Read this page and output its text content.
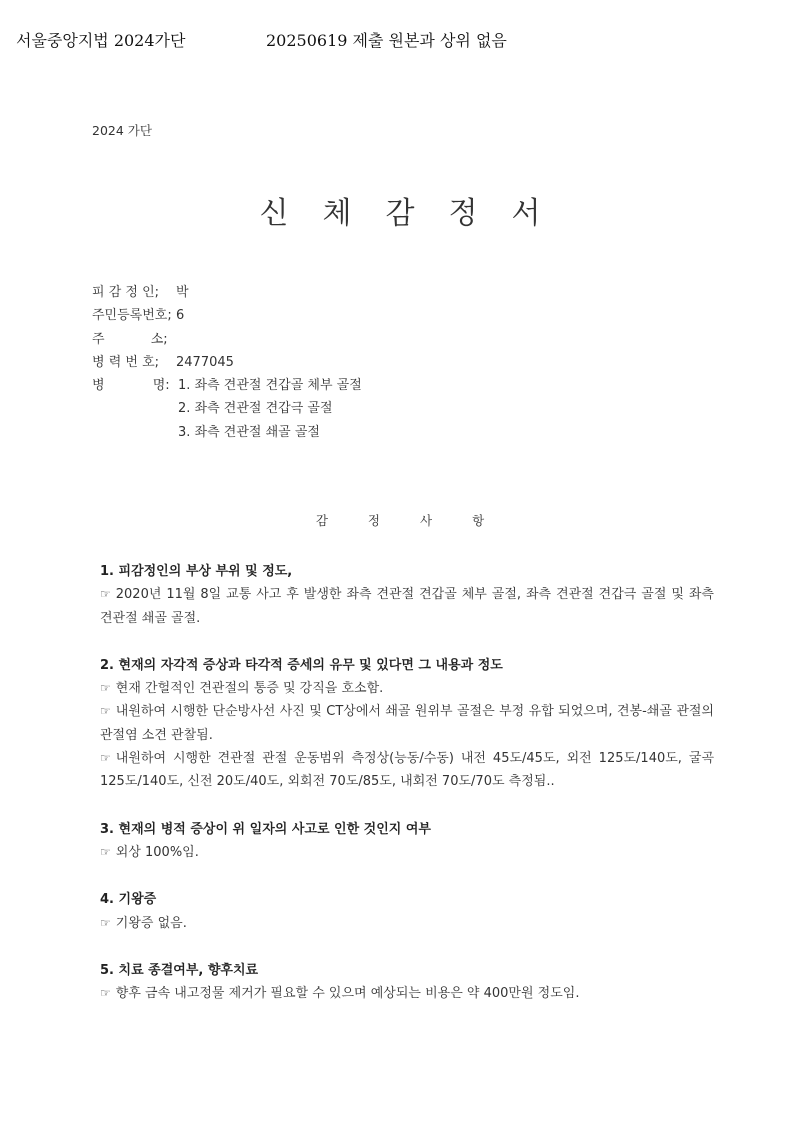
서울중앙지법 2024가단	20250619 제출 원본과 상위 없음
2024 가단
신체감정서
피 감 정 인; 박
주민등록번호; 6
주 소;
병 력 번 호; 2477045
병 명: 1. 좌측 견관절 견갑골 체부 골절
2. 좌측 견관절 견갑극 골절
3. 좌측 견관절 쇄골 골절
감정사항
1. 피감정인의 부상 부위 및 정도,
☞ 2020년 11월 8일 교통 사고 후 발생한 좌측 견관절 견갑골 체부 골절, 좌측 견관절 견갑극 골절 및 좌측 견관절 쇄골 골절.
2. 현재의 자각적 증상과 타각적 증세의 유무 및 있다면 그 내용과 정도
☞ 현재 간헐적인 견관절의 통증 및 강직을 호소함.
☞ 내원하여 시행한 단순방사선 사진 및 CT상에서 쇄골 원위부 골절은 부정 유합 되었으며, 견봉-쇄골 관절의 관절염 소견 관찰됨.
☞ 내원하여 시행한 견관절 관절 운동범위 측정상(능동/수동) 내전 45도/45도, 외전 125도/140도, 굴곡 125도/140도, 신전 20도/40도, 외회전 70도/85도, 내회전 70도/70도 측정됨..
3. 현재의 병적 증상이 위 일자의 사고로 인한 것인지 여부
☞ 외상 100%임.
4. 기왕증
☞ 기왕증 없음.
5. 치료 종결여부, 향후치료
☞ 향후 금속 내고정물 제거가 필요할 수 있으며 예상되는 비용은 약 400만원 정도임.
